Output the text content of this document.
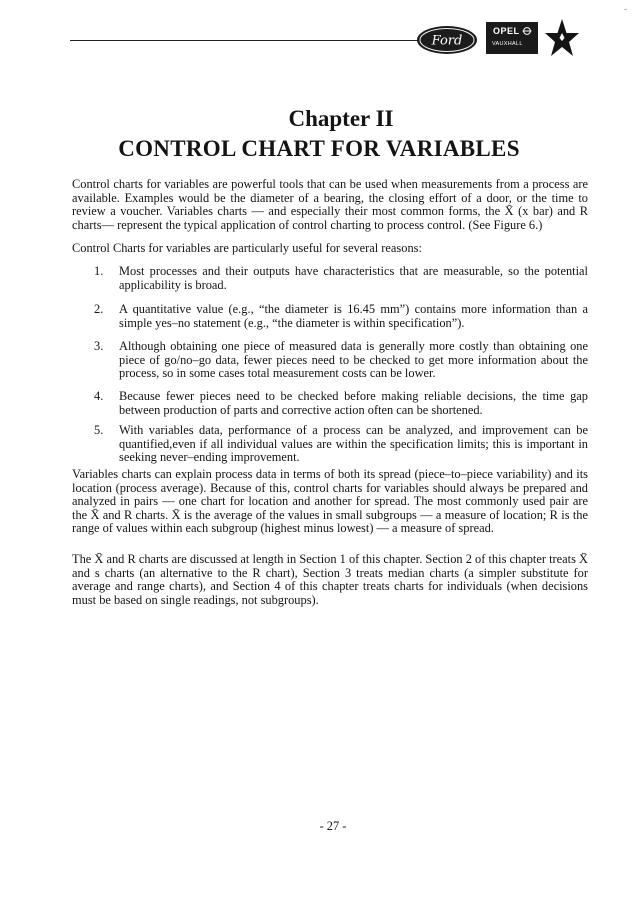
Ford
OPEL
VAUXHALL
-
Chapter II
CONTROL CHART FOR VARIABLES

Control charts for variables are powerful tools that can be used when measurements from a process are available. Examples would be the diameter of a bearing, the closing effort of a door, or the time to review a voucher. Variables charts — and especially their most common forms, the X̄ (x bar) and R charts— represent the typical application of control charting to process control. (See Figure 6.)

Control Charts for variables are particularly useful for several reasons:

1.	Most processes and their outputs have characteristics that are measurable, so the potential applicability is broad.
2.	A quantitative value (e.g., “the diameter is 16.45 mm”) contains more information than a simple yes–no statement (e.g., “the diameter is within specification”).
3.	Although obtaining one piece of measured data is generally more costly than obtaining one piece of go/no–go data, fewer pieces need to be checked to get more information about the process, so in some cases total measurement costs can be lower.
4.	Because fewer pieces need to be checked before making reliable decisions, the time gap between production of parts and corrective action often can be shortened.
5.	With variables data, performance of a process can be analyzed, and improvement can be quantified,even if all individual values are within the specification limits; this is important in seeking never–ending improvement.

Variables charts can explain process data in terms of both its spread (piece–to–piece variability) and its location (process average). Because of this, control charts for variables should always be prepared and analyzed in pairs — one chart for location and another for spread. The most commonly used pair are the X̄ and R charts. X̄ is the average of the values in small subgroups — a measure of location; R is the range of values within each subgroup (highest minus lowest) — a measure of spread.

The X̄ and R charts are discussed at length in Section 1 of this chapter. Section 2 of this chapter treats X̄ and s charts (an alternative to the R chart), Section 3 treats median charts (a simpler substitute for average and range charts), and Section 4 of this chapter treats charts for individuals (when decisions must be based on single readings, not subgroups).

- 27 -
